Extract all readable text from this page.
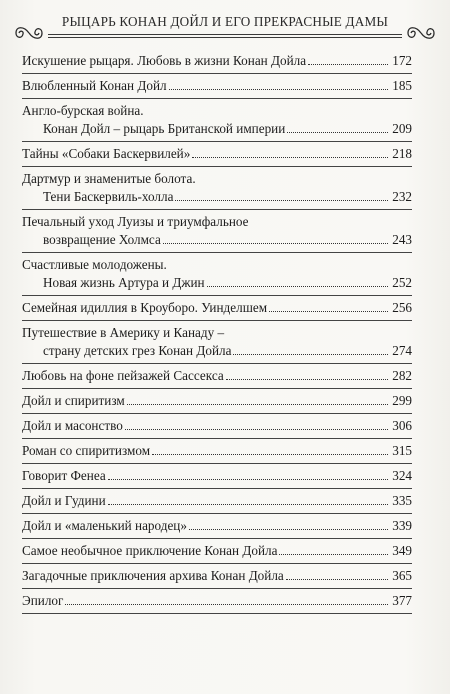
РЫЦАРЬ КОНАН ДОЙЛ И ЕГО ПРЕКРАСНЫЕ ДАМЫ
Искушение рыцаря. Любовь в жизни Конан Дойла	172
Влюбленный Конан Дойл	185
Англо-бурская война.
Конан Дойл – рыцарь Британской империи	209
Тайны «Собаки Баскервилей»	218
Дартмур и знаменитые болота.
Тени Баскервиль-холла	232
Печальный уход Луизы и триумфальное
возвращение Холмса	243
Счастливые молодожены.
Новая жизнь Артура и Джин	252
Семейная идиллия в Кроуборо. Уинделшем	256
Путешествие в Америку и Канаду –
страну детских грез Конан Дойла	274
Любовь на фоне пейзажей Сассекса	282
Дойл и спиритизм	299
Дойл и масонство	306
Роман со спиритизмом	315
Говорит Фенеа	324
Дойл и Гудини	335
Дойл и «маленький народец»	339
Самое необычное приключение Конан Дойла	349
Загадочные приключения архива Конан Дойла	365
Эпилог	377
